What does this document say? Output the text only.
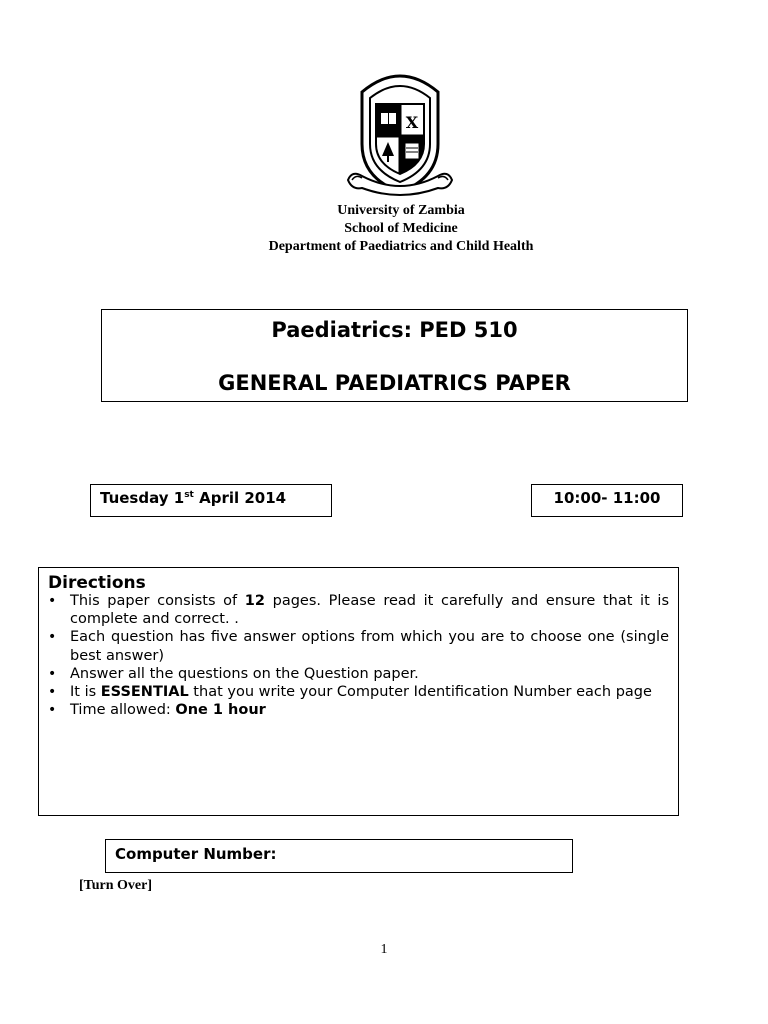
X
University of Zambia
School of Medicine
Department of Paediatrics and Child Health
Paediatrics: PED 510
GENERAL PAEDIATRICS PAPER
Tuesday 1st April 2014	10:00- 11:00
Directions
• This paper consists of 12 pages. Please read it carefully and ensure that it is complete and correct. .
• Each question has five answer options from which you are to choose one (single best answer)
• Answer all the questions on the Question paper.
• It is ESSENTIAL that you write your Computer Identification Number each page
• Time allowed: One 1 hour
Computer Number:
[Turn Over]
1
